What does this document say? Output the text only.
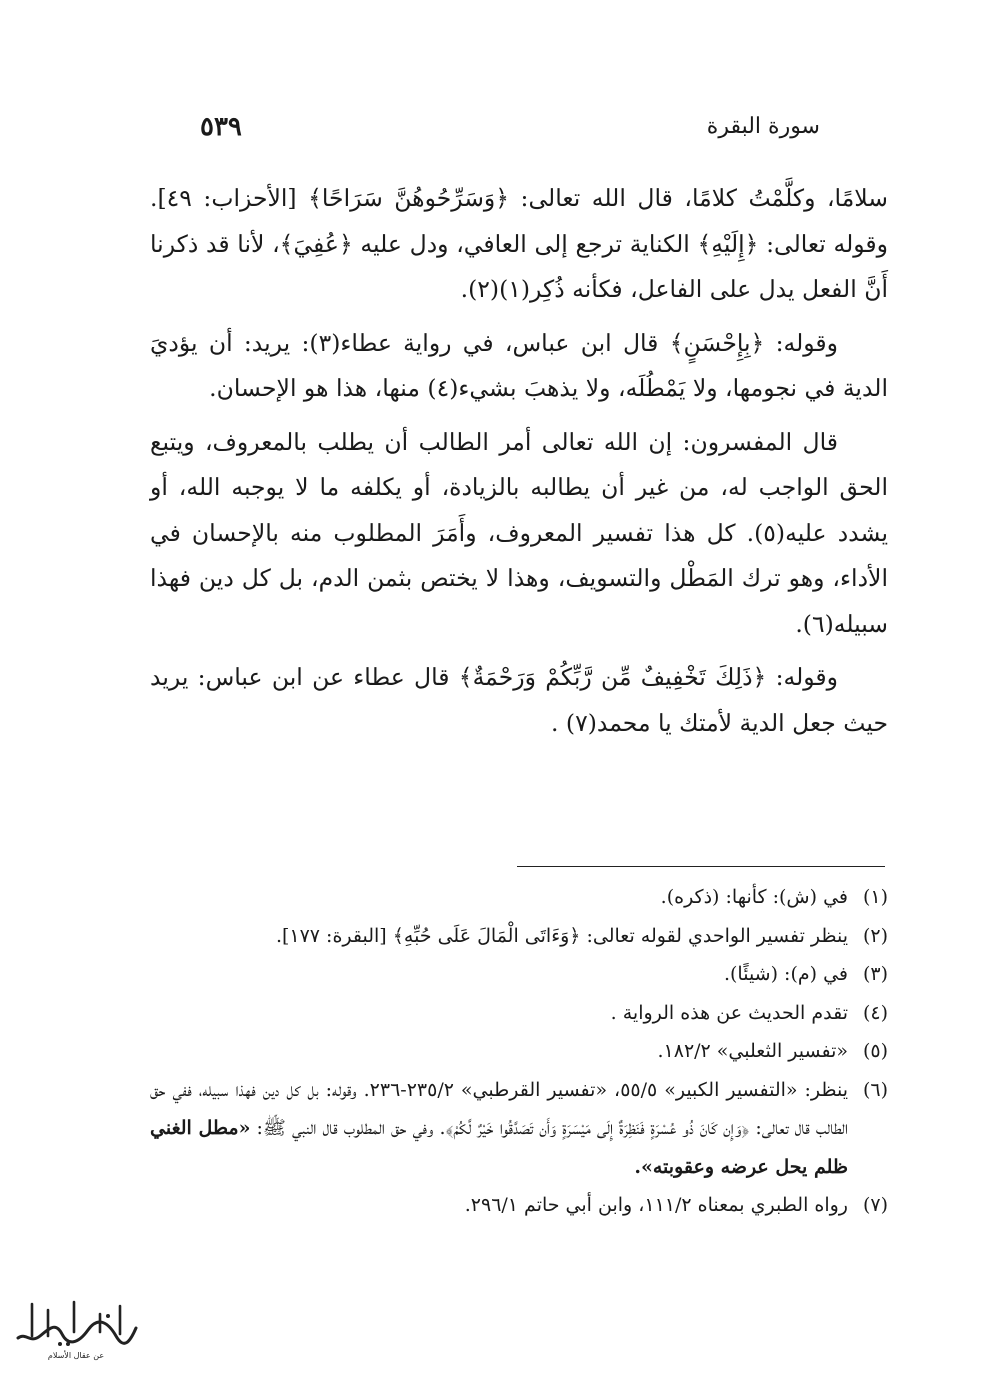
سورة البقرة
٥٣٩

سلامًا، وكلَّمْتُ كلامًا، قال الله تعالى: ﴿وَسَرِّحُوهُنَّ سَرَاحًا﴾ [الأحزاب: ٤٩]. وقوله تعالى: ﴿إِلَيْهِ﴾ الكناية ترجع إلى العافي، ودل عليه ﴿عُفِيَ﴾، لأنا قد ذكرنا أَنَّ الفعل يدل على الفاعل، فكأنه ذُكِر(١)(٢).

وقوله: ﴿بِإِحْسَنٍ﴾ قال ابن عباس، في رواية عطاء(٣): يريد: أن يؤديَ الدية في نجومها، ولا يَمْطُلَه، ولا يذهبَ بشيء(٤) منها، هذا هو الإحسان.

قال المفسرون: إن الله تعالى أمر الطالب أن يطلب بالمعروف، ويتبع الحق الواجب له، من غير أن يطالبه بالزيادة، أو يكلفه ما لا يوجبه الله، أو يشدد عليه(٥). كل هذا تفسير المعروف، وأَمَرَ المطلوب منه بالإحسان في الأداء، وهو ترك المَطْل والتسويف، وهذا لا يختص بثمن الدم، بل كل دين فهذا سبيله(٦).

وقوله: ﴿ذَلِكَ تَخْفِيفٌ مِّن رَّبِّكُمْ وَرَحْمَةٌ﴾ قال عطاء عن ابن عباس: يريد حيث جعل الدية لأمتك يا محمد(٧) .

(١)
في (ش): كأنها: (ذكره).
(٢)
ينظر تفسير الواحدي لقوله تعالى: ﴿وَءَاتَى الْمَالَ عَلَى حُبِّهِ﴾ [البقرة: ١٧٧].
(٣)
في (م): (شيئًا).
(٤)
تقدم الحديث عن هذه الرواية .
(٥)
«تفسير الثعلبي» ١٨٢/٢.
(٦)
ينظر: «التفسير الكبير» ٥٥/٥، «تفسير القرطبي» ٢٣٥/٢-٢٣٦. وقوله: بل كل دين فهذا سبيله، ففي حق الطالب قال تعالى: ﴿وَإِن كَانَ ذُو عُسْرَةٍ فَنَظِرَةٌ إِلَى مَيْسَرَةٍ وَأَن تَصَدَّقُوا خَيْرٌ لَّكُمْ﴾. وفي حق المطلوب قال النبي ﷺ: «مطل الغني ظلم يحل عرضه وعقوبته».
(٧)
رواه الطبري بمعناه ١١١/٢، وابن أبي حاتم ٢٩٦/١.
عن عقال الأسلام
